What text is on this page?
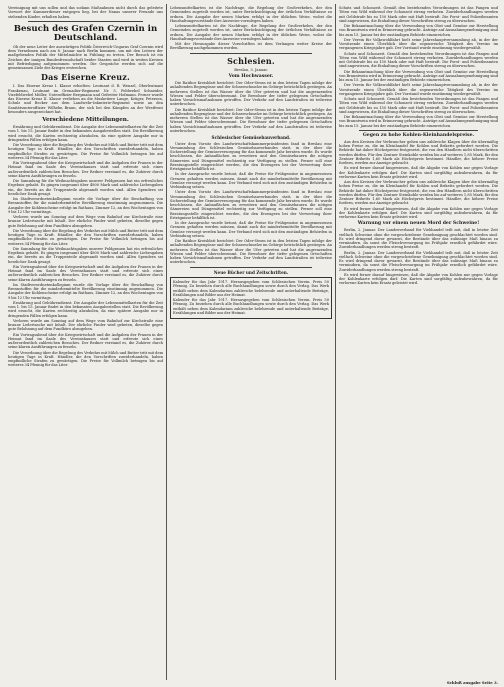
Vereinigung mit uns sollen und das sodann Maßnahmen nicht durch das geleitete Vorwort der Kammerdiener entgegen lieg, bei der Nanas unserer Freunde uns stehenden Kinder, erhalten haben.

Besuch des Grafen Czernin in Deutschland.

Ob der neue Leiter der auswärtigen Politik Österreich-Ungarns Graf Czernin wird dem Vernehmen nach am 8. Januar nach Berlin kommen, um mit den Leitern der maßgebenden Politik der Mittelmächte in Fühlung zu treten. Der Besuch ist ein Zeichen der innigen Bundesfreundschaft beider Staaten und wird in weiten Kreisen mit Befriedigung aufgenommen werden. Die Gespräche werden sich auf die gemeinsamen Ziele des Krieges erstrecken.

Das Eiserne Kreuz.

I. Das Eiserne Kreuz I. Klasse erhielten: Leutnant d. R. Wenzel, Oberleutnant Frankenau, Leutnant im Grenadier-Regiment Nr. 5, Feldwebel Schneider, Vizefeldwebel Müller, Unteroffizier Bergmann und Gefreiter Hofmann. Ferner wurde das Eiserne Kreuz II. Klasse verliehen an die Musketiere Lange, Krüger, Petersen, Schulz und Becker aus dem Landwehr-Infanterie-Regiment sowie an den Sanitätsunteroffizier Wilhelm Braun, der sich bei den Kämpfen an der Westfront besonders ausgezeichnet hat.

Verschiedene Mitteilungen.

Ernährung und Gebührendienst. Die Ausgabe der Lebensmittelkarten für die Zeit vom 1. bis 15. Januar findet in den bekannten Ausgabestellen statt. Die Bevölkerung wird ersucht, die Karten rechtzeitig abzuholen, da eine spätere Ausgabe nur in dringenden Fällen erfolgen kann.

Die Verordnung über die Regelung des Verkehrs mit Milch und Butter tritt mit dem heutigen Tage in Kraft. Händler, die den Vorschriften zuwiderhandeln, haben empfindliche Strafen zu gewärtigen. Die Preise für Vollmilch betragen bis auf weiteres 34 Pfennig für das Liter.

Ein Vortragsabend über die Kriegswirtschaft und die Aufgaben der Frauen in der Heimat fand im Saale des Vereinshauses statt und erfreute sich eines außerordentlich zahlreichen Besuches. Der Redner verstand es, die Zuhörer durch seine klaren Ausführungen zu fesseln.

Die Sammlung für die Weihnachtsgaben unserer Feldgrauen hat ein erfreuliches Ergebnis gehabt. Es gingen insgesamt über 4800 Mark und zahlreiche Liebesgaben ein, die bereits an die Truppenteile abgesandt worden sind. Allen Spendern sei herzlicher Dank gesagt.

Im Stadtverordnetenkollegium wurde die Vorlage über die Beschaffung von Brennstoffen für die minderbemittelte Bevölkerung einstimmig angenommen. Die Ausgabe der Kohlenscheine erfolgt im Rathaus, Zimmer 12, an den Wochentagen von 9 bis 12 Uhr vormittags.

Verloren wurde am Sonntag auf dem Wege vom Bahnhof zur Kirchstraße eine braune Ledertasche mit Inhalt. Der ehrliche Finder wird gebeten, dieselbe gegen gute Belohnung auf dem Fundbüro abzugeben.

Die Verordnung über die Regelung des Verkehrs mit Milch und Butter tritt mit dem heutigen Tage in Kraft. Händler, die den Vorschriften zuwiderhandeln, haben empfindliche Strafen zu gewärtigen. Die Preise für Vollmilch betragen bis auf weiteres 34 Pfennig für das Liter.

Die Sammlung für die Weihnachtsgaben unserer Feldgrauen hat ein erfreuliches Ergebnis gehabt. Es gingen insgesamt über 4800 Mark und zahlreiche Liebesgaben ein, die bereits an die Truppenteile abgesandt worden sind. Allen Spendern sei herzlicher Dank gesagt.

Ein Vortragsabend über die Kriegswirtschaft und die Aufgaben der Frauen in der Heimat fand im Saale des Vereinshauses statt und erfreute sich eines außerordentlich zahlreichen Besuches. Der Redner verstand es, die Zuhörer durch seine klaren Ausführungen zu fesseln.

Im Stadtverordnetenkollegium wurde die Vorlage über die Beschaffung von Brennstoffen für die minderbemittelte Bevölkerung einstimmig angenommen. Die Ausgabe der Kohlenscheine erfolgt im Rathaus, Zimmer 12, an den Wochentagen von 9 bis 12 Uhr vormittags.

Ernährung und Gebührendienst. Die Ausgabe der Lebensmittelkarten für die Zeit vom 1. bis 15. Januar findet in den bekannten Ausgabestellen statt. Die Bevölkerung wird ersucht, die Karten rechtzeitig abzuholen, da eine spätere Ausgabe nur in dringenden Fällen erfolgen kann.

Verloren wurde am Sonntag auf dem Wege vom Bahnhof zur Kirchstraße eine braune Ledertasche mit Inhalt. Der ehrliche Finder wird gebeten, dieselbe gegen gute Belohnung auf dem Fundbüro abzugeben.

Ein Vortragsabend über die Kriegswirtschaft und die Aufgaben der Frauen in der Heimat fand im Saale des Vereinshauses statt und erfreute sich eines außerordentlich zahlreichen Besuches. Der Redner verstand es, die Zuhörer durch seine klaren Ausführungen zu fesseln.

Die Verordnung über die Regelung des Verkehrs mit Milch und Butter tritt mit dem heutigen Tage in Kraft. Händler, die den Vorschriften zuwiderhandeln, haben empfindliche Strafen zu gewärtigen. Die Preise für Vollmilch betragen bis auf weiteres 34 Pfennig für das Liter.

Lebensmittelkarten ist die Nachfrage, die Regelung der Großverkehrs, der den Gemeinden zugeteilt worden ist, unter Berücksichtigung der örtlichen Verhältnisse zu ordnen. Die Ausgabe der neuen Marken erfolgt in der üblichen Weise, wobei die Haushaltungsvorstände ihre Ausweise vorzulegen haben.

Lebensmittelkarten ist die Nachfrage, die Regelung der Großverkehrs, der den Gemeinden zugeteilt worden ist, unter Berücksichtigung der örtlichen Verhältnisse zu ordnen. Die Ausgabe der neuen Marken erfolgt in der üblichen Weise, wobei die Haushaltungsvorstände ihre Ausweise vorzulegen haben.

Mit der Herausgabe dieser Vorschriften ist dem Verlangen weiter Kreise der Bevölkerung nachgekommen worden.

Schlesien.
Breslau, 3. Januar.
Vom Hochwasser.

Die Ratibor Kreisblatt berichtet: Der Oder-Strom ist in den letzten Tagen infolge der anhaltenden Regengüsse und der Schneeschmelze im Gebirge beträchtlich gestiegen. An mehreren Stellen ist das Wasser über die Ufer getreten und hat die angrenzenden Wiesen und Felder überschwemmt. Die Bewohner der tiefer gelegenen Ortschaften haben Vorsichtsmaßnahmen getroffen. Der Verkehr auf den Landstraßen ist teilweise unterbrochen.

Die Ratibor Kreisblatt berichtet: Der Oder-Strom ist in den letzten Tagen infolge der anhaltenden Regengüsse und der Schneeschmelze im Gebirge beträchtlich gestiegen. An mehreren Stellen ist das Wasser über die Ufer getreten und hat die angrenzenden Wiesen und Felder überschwemmt. Die Bewohner der tiefer gelegenen Ortschaften haben Vorsichtsmaßnahmen getroffen. Der Verkehr auf den Landstraßen ist teilweise unterbrochen.

Schlesischer Gemüsebauverband.

Unter dem Vorsitz des Landwirtschaftskammerpräsidenten fand in Breslau eine Versammlung des Schlesischen Gemüsebauverbandes statt, in der über die Sicherstellung der Gemüseversorgung für das kommende Jahr beraten wurde. Es wurde beschlossen, die Anbauflächen zu erweitern und den Gemüsebauern die nötigen Sämereien und Düngemittel rechtzeitig zur Verfügung zu stellen. Ferner soll eine Beratungsstelle eingerichtet werden, die den Erzeugern bei der Verwertung ihrer Erträgnisse behilflich ist.

In der Aussprache wurde betont, daß die Preise für Frühgemüse in angemessenen Grenzen gehalten werden müssen, damit auch die minderbemittelte Bevölkerung mit Gemüse versorgt werden kann. Der Verband wird sich mit den zuständigen Behörden in Verbindung setzen.

Unter dem Vorsitz des Landwirtschaftskammerpräsidenten fand in Breslau eine Versammlung des Schlesischen Gemüsebauverbandes statt, in der über die Sicherstellung der Gemüseversorgung für das kommende Jahr beraten wurde. Es wurde beschlossen, die Anbauflächen zu erweitern und den Gemüsebauern die nötigen Sämereien und Düngemittel rechtzeitig zur Verfügung zu stellen. Ferner soll eine Beratungsstelle eingerichtet werden, die den Erzeugern bei der Verwertung ihrer Erträgnisse behilflich ist.

In der Aussprache wurde betont, daß die Preise für Frühgemüse in angemessenen Grenzen gehalten werden müssen, damit auch die minderbemittelte Bevölkerung mit Gemüse versorgt werden kann. Der Verband wird sich mit den zuständigen Behörden in Verbindung setzen.

Die Ratibor Kreisblatt berichtet: Der Oder-Strom ist in den letzten Tagen infolge der anhaltenden Regengüsse und der Schneeschmelze im Gebirge beträchtlich gestiegen. An mehreren Stellen ist das Wasser über die Ufer getreten und hat die angrenzenden Wiesen und Felder überschwemmt. Die Bewohner der tiefer gelegenen Ortschaften haben Vorsichtsmaßnahmen getroffen. Der Verkehr auf den Landstraßen ist teilweise unterbrochen.

Neue Bücher und Zeitschriften.

Kalender für das Jahr 1917. Herausgegeben vom Schlesischen Verein. Preis 50 Pfennig. Zu beziehen durch alle Buchhandlungen sowie durch den Verlag. Das Werk enthält neben dem Kalendarium zahlreiche belehrende und unterhaltende Beiträge, Erzählungen und Bilder aus der Heimat.

Kalender für das Jahr 1917. Herausgegeben vom Schlesischen Verein. Preis 50 Pfennig. Zu beziehen durch alle Buchhandlungen sowie durch den Verlag. Das Werk enthält neben dem Kalendarium zahlreiche belehrende und unterhaltende Beiträge, Erzählungen und Bilder aus der Heimat.

Schutz und Schonzeit. Gemäß den bestehenden Verordnungen ist das Fangen und Töten von Wild während der Schonzeit streng verboten. Zuwiderhandlungen werden mit Geldstrafe bis zu 150 Mark oder mit Haft bestraft. Die Forst- und Polizeibeamten sind angewiesen, die Einhaltung dieser Vorschriften streng zu überwachen.

Die Bekanntmachung über die Verwendung von Obst und Gemüse zur Herstellung von Branntwein wird in Erinnerung gebracht. Anträge auf Ausnahmegenehmigung sind bis zum 15. Januar bei der zuständigen Behörde einzureichen.

Der Verein für Volkswohlfahrt hielt seine Jahreshauptversammlung ab, in der der Vorsitzende einen Überblick über die segensreiche Tätigkeit des Vereins im vergangenen Kriegsjahre gab. Der Vorstand wurde einstimmig wiedergewählt.

Schutz und Schonzeit. Gemäß den bestehenden Verordnungen ist das Fangen und Töten von Wild während der Schonzeit streng verboten. Zuwiderhandlungen werden mit Geldstrafe bis zu 150 Mark oder mit Haft bestraft. Die Forst- und Polizeibeamten sind angewiesen, die Einhaltung dieser Vorschriften streng zu überwachen.

Die Bekanntmachung über die Verwendung von Obst und Gemüse zur Herstellung von Branntwein wird in Erinnerung gebracht. Anträge auf Ausnahmegenehmigung sind bis zum 15. Januar bei der zuständigen Behörde einzureichen.

Der Verein für Volkswohlfahrt hielt seine Jahreshauptversammlung ab, in der der Vorsitzende einen Überblick über die segensreiche Tätigkeit des Vereins im vergangenen Kriegsjahre gab. Der Vorstand wurde einstimmig wiedergewählt.

Schutz und Schonzeit. Gemäß den bestehenden Verordnungen ist das Fangen und Töten von Wild während der Schonzeit streng verboten. Zuwiderhandlungen werden mit Geldstrafe bis zu 150 Mark oder mit Haft bestraft. Die Forst- und Polizeibeamten sind angewiesen, die Einhaltung dieser Vorschriften streng zu überwachen.

Die Bekanntmachung über die Verwendung von Obst und Gemüse zur Herstellung von Branntwein wird in Erinnerung gebracht. Anträge auf Ausnahmegenehmigung sind bis zum 15. Januar bei der zuständigen Behörde einzureichen.

Gegen zu hohe Kohlen-Kleinhandelspreise.

Aus den Kreisen der Verbraucher gehen uns zahlreiche Klagen über die übermäßig hohen Preise zu, die im Kleinhandel für Kohlen und Briketts gefordert werden. Die Behörde hat daher Höchstpreise festgesetzt, die von den Händlern nicht überschritten werden dürfen. Für den Zentner Steinkohle werden bis auf weiteres 1,85 Mark, für den Zentner Briketts 1,60 Mark als Höchstpreis bestimmt. Händler, die höhere Preise fordern, werden zur Anzeige gebracht.

Es wird ferner darauf hingewiesen, daß die Abgabe von Kohlen nur gegen Vorlage der Kohlenkarte erfolgen darf. Die Karten sind sorgfältig aufzubewahren, da für verlorene Karten kein Ersatz geleistet wird.

Aus den Kreisen der Verbraucher gehen uns zahlreiche Klagen über die übermäßig hohen Preise zu, die im Kleinhandel für Kohlen und Briketts gefordert werden. Die Behörde hat daher Höchstpreise festgesetzt, die von den Händlern nicht überschritten werden dürfen. Für den Zentner Steinkohle werden bis auf weiteres 1,85 Mark, für den Zentner Briketts 1,60 Mark als Höchstpreis bestimmt. Händler, die höhere Preise fordern, werden zur Anzeige gebracht.

Es wird ferner darauf hingewiesen, daß die Abgabe von Kohlen nur gegen Vorlage der Kohlenkarte erfolgen darf. Die Karten sind sorgfältig aufzubewahren, da für verlorene Karten kein Ersatz geleistet wird.

Warnung vor einem neuen Mord der Schweine!

Berlin, 2. Januar. Der Landesverband für Viehhandel teilt mit, daß in letzter Zeit vielfach Schweine ohne die vorgeschriebene Genehmigung geschlachtet worden sind. Es wird dringend davor gewarnt, die Bestände über das zulässige Maß hinaus zu vermindern, da sonst die Fleischversorgung im Frühjahr ernstlich gefährdet wäre. Zuwiderhandlungen werden streng bestraft.

Berlin, 2. Januar. Der Landesverband für Viehhandel teilt mit, daß in letzter Zeit vielfach Schweine ohne die vorgeschriebene Genehmigung geschlachtet worden sind. Es wird dringend davor gewarnt, die Bestände über das zulässige Maß hinaus zu vermindern, da sonst die Fleischversorgung im Frühjahr ernstlich gefährdet wäre. Zuwiderhandlungen werden streng bestraft.

Es wird ferner darauf hingewiesen, daß die Abgabe von Kohlen nur gegen Vorlage der Kohlenkarte erfolgen darf. Die Karten sind sorgfältig aufzubewahren, da für verlorene Karten kein Ersatz geleistet wird.

Schluß ausgabe Seite 3.
